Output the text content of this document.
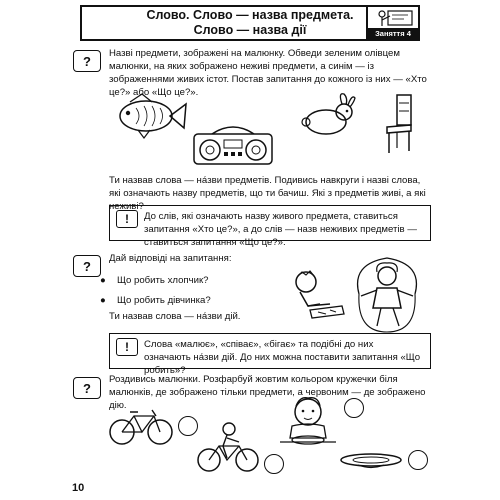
Слово. Слово — назва предмета.
Слово — назва дії	Заняття 4
?	Назві предмети, зображені на малюнку. Обведи зеленим олівцем малюнки, на яких зображено неживі предмети, а синім — із зображеннями живих істот. Постав запитання до кожного із них — «Хто це?» або «Що це?».
Ти назвав слова — на́зви предметів. Подивись навкруги і назві слова, які означають назву предметів, що ти бачиш. Які з предметів живі, а які неживі?
!	До слів, які означають назву живого предмета, ставиться запитання «Хто це?», а до слів — назв неживих предметів — ставиться запитання «Що це?».
?	Дай відповіді на запитання:
● Що робить хлопчик?
● Що робить дівчинка?
Ти назвав слова — на́зви дій.
!	Слова «малює», «співає», «бігає» та подібні до них означають на́зви дій. До них можна поставити запитання «Що робить»?
?
Роздивись малюнки. Розфарбуй жовтим кольором кружечки біля малюнків, де зображено тільки предмети, а червоним — де зображено дію.
10
